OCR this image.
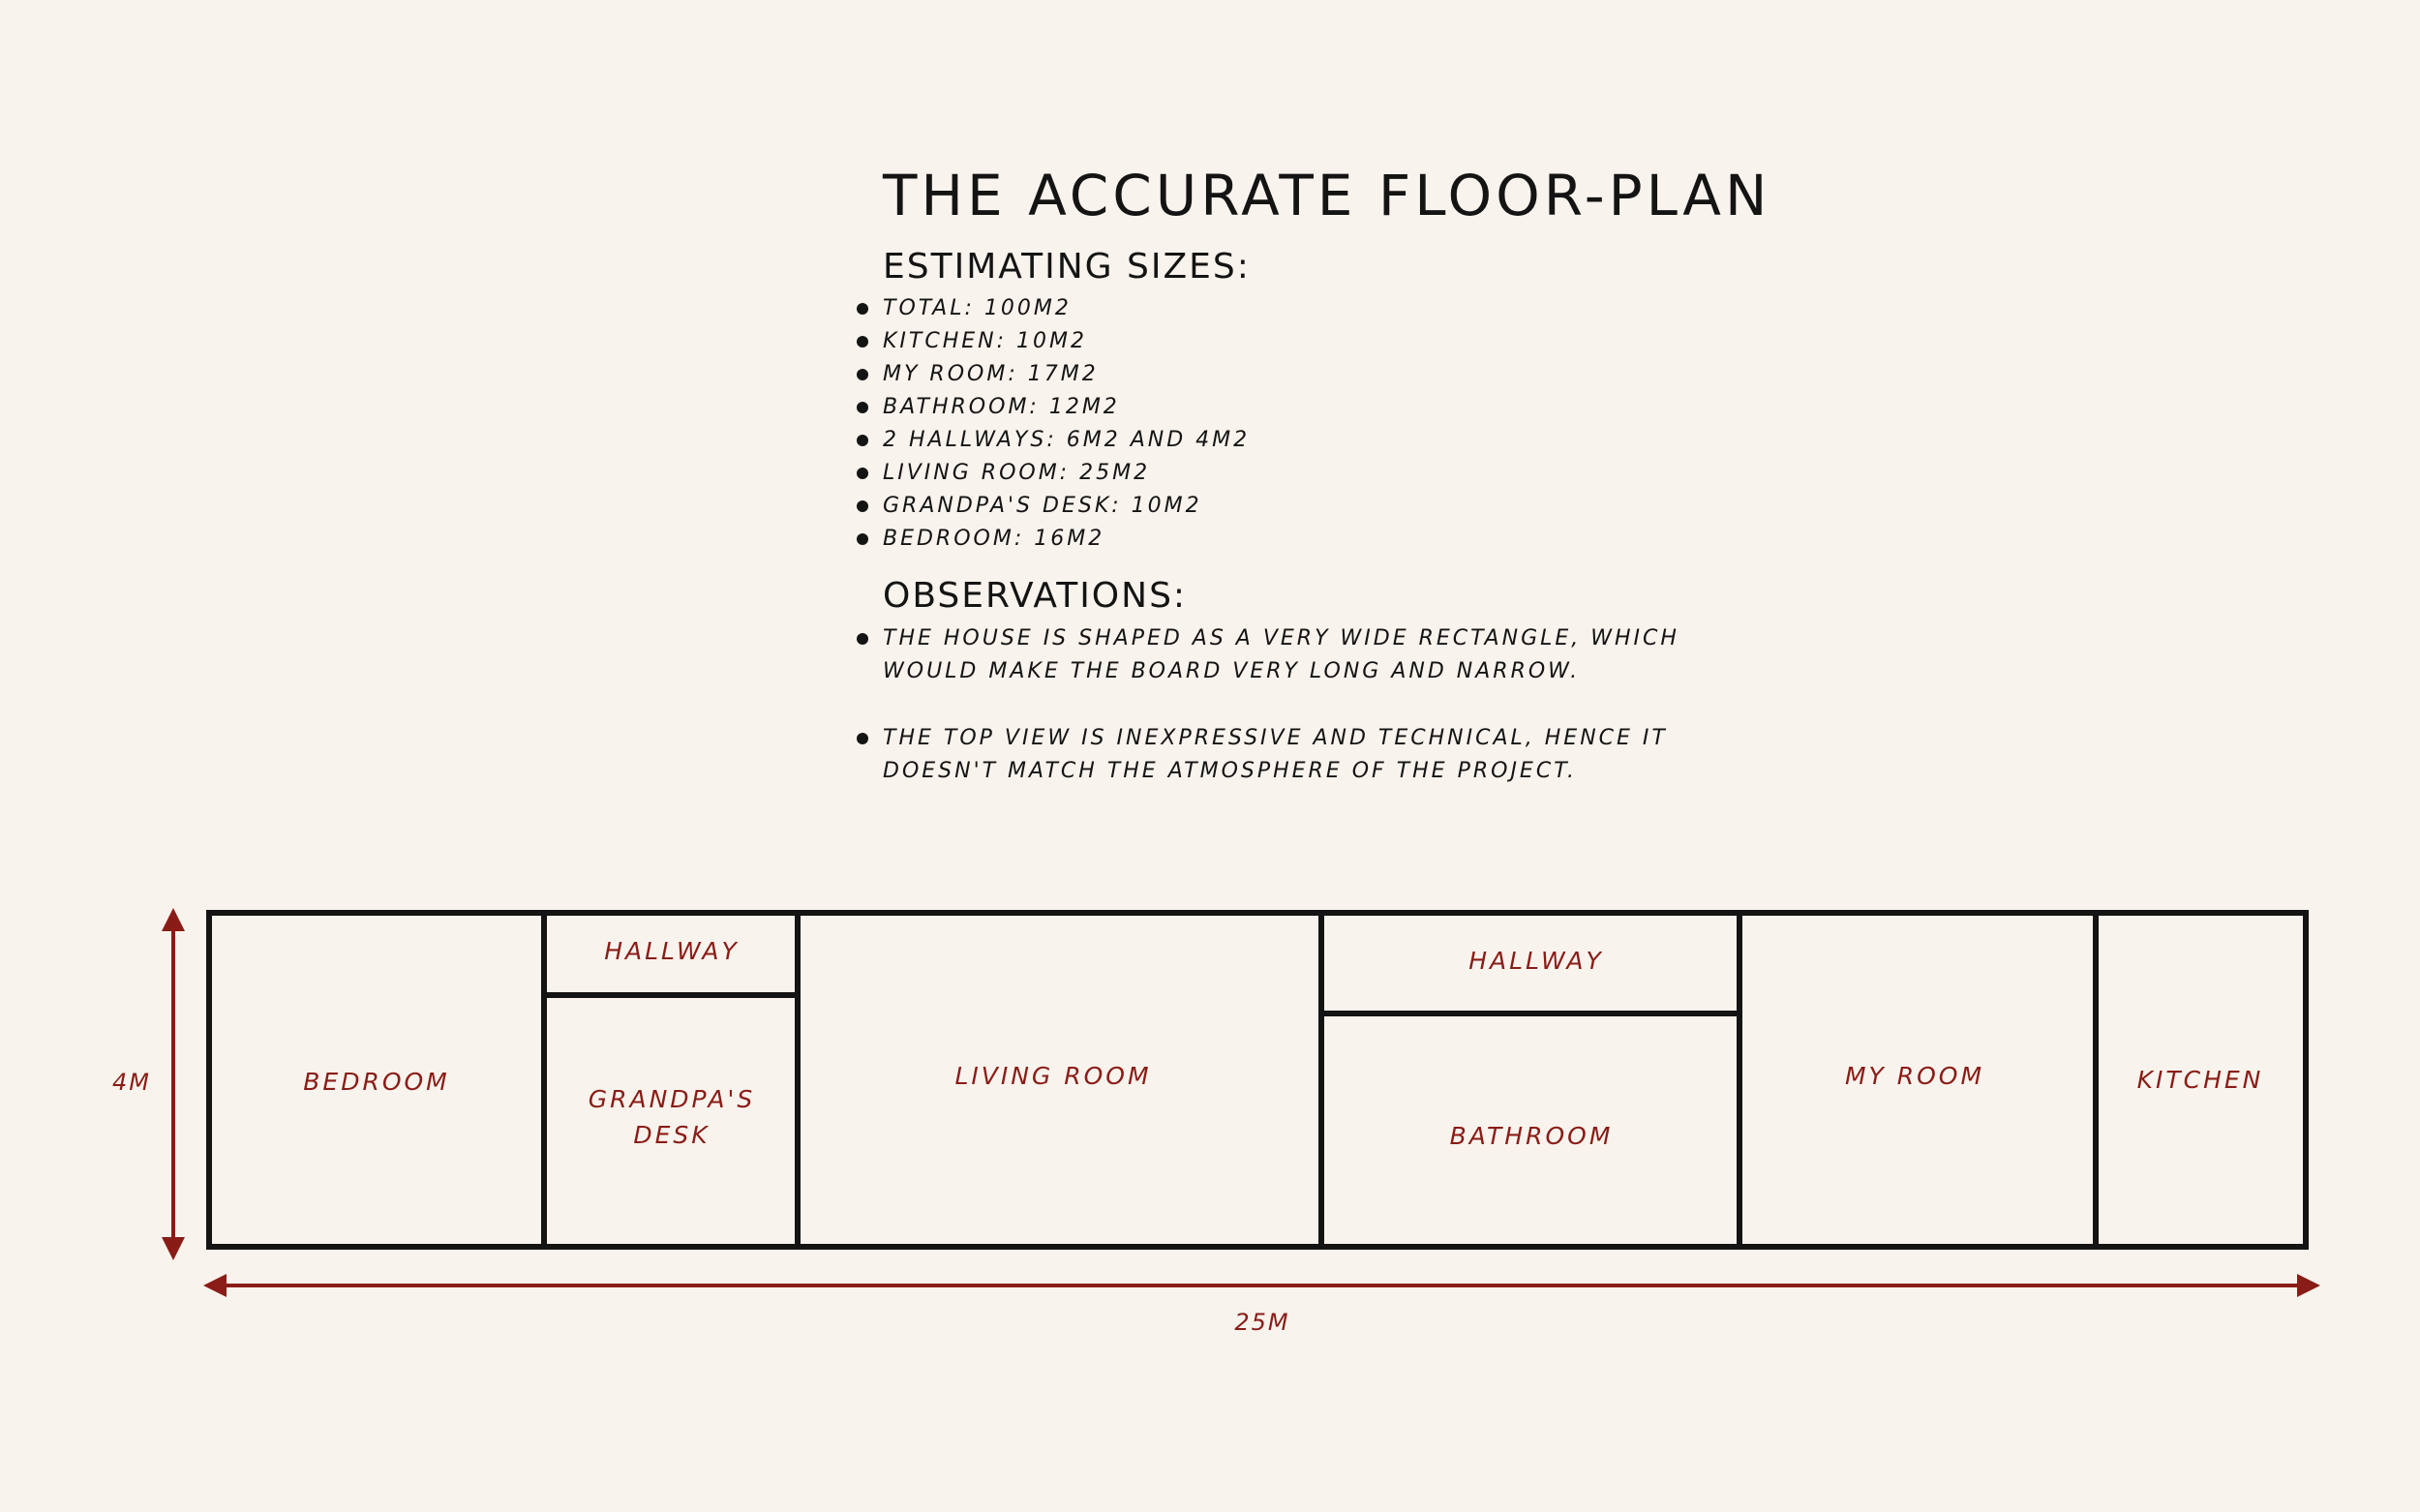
THE ACCURATE FLOOR-PLAN
ESTIMATING SIZES:
TOTAL: 100M2
KITCHEN: 10M2
MY ROOM: 17M2
BATHROOM: 12M2
2 HALLWAYS: 6M2 AND 4M2
LIVING ROOM: 25M2
GRANDPA'S DESK: 10M2
BEDROOM: 16M2
OBSERVATIONS:
THE HOUSE IS SHAPED AS A VERY WIDE RECTANGLE, WHICH
WOULD MAKE THE BOARD VERY LONG AND NARROW.
THE TOP VIEW IS INEXPRESSIVE AND TECHNICAL, HENCE IT
DOESN'T MATCH THE ATMOSPHERE OF THE PROJECT.
BEDROOM
HALLWAY
GRANDPA'S
DESK
LIVING ROOM
HALLWAY
BATHROOM
MY ROOM	KITCHEN
4M
25M
